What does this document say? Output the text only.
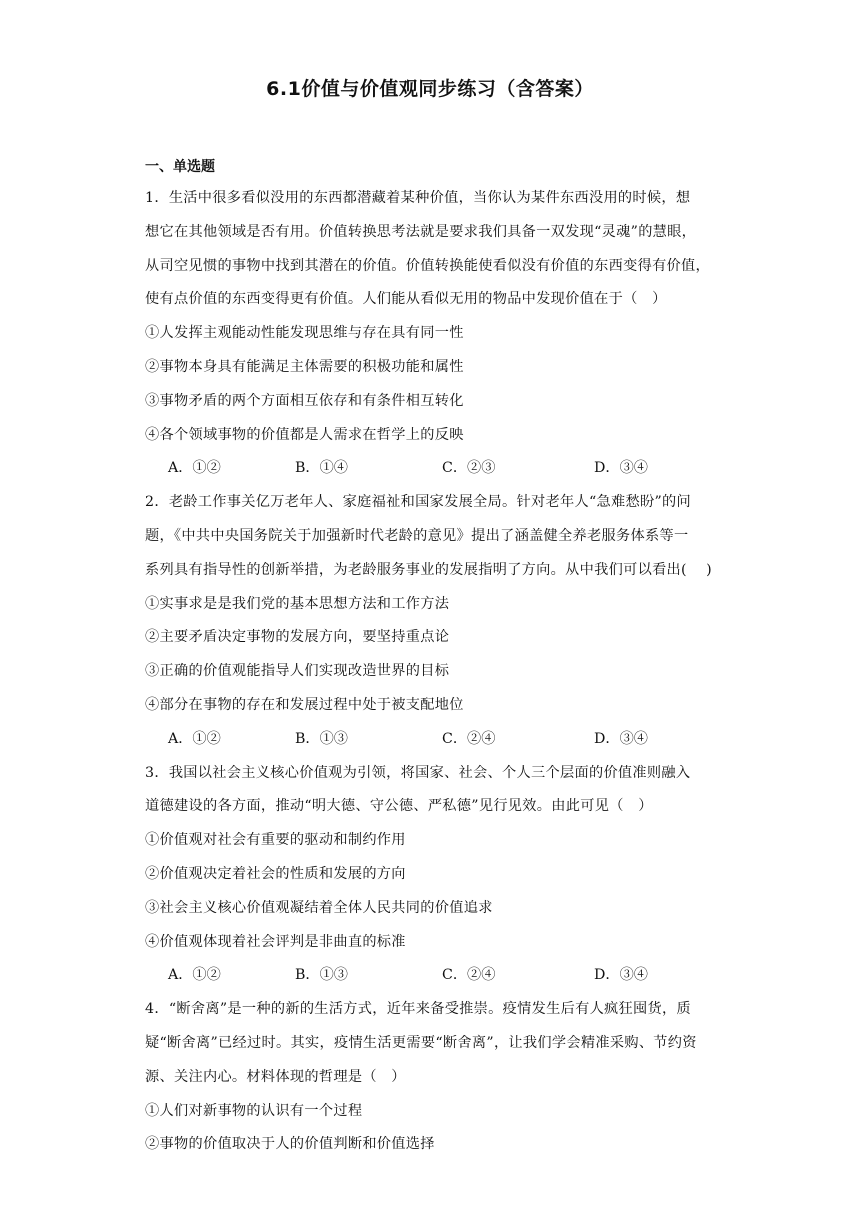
6.1价值与价值观同步练习（含答案）
一、单选题
1．生活中很多看似没用的东西都潜藏着某种价值，当你认为某件东西没用的时候，想
想它在其他领域是否有用。价值转换思考法就是要求我们具备一双发现“灵魂”的慧眼，
从司空见惯的事物中找到其潜在的价值。价值转换能使看似没有价值的东西变得有价值，
使有点价值的东西变得更有价值。人们能从看似无用的物品中发现价值在于（　）
①人发挥主观能动性能发现思维与存在具有同一性
②事物本身具有能满足主体需要的积极功能和属性
③事物矛盾的两个方面相互依存和有条件相互转化
④各个领域事物的价值都是人需求在哲学上的反映
A．①②	B．①④	C．②③	D．③④
2．老龄工作事关亿万老年人、家庭福祉和国家发展全局。针对老年人“急难愁盼”的问
题，《中共中央国务院关于加强新时代老龄的意见》提出了涵盖健全养老服务体系等一
系列具有指导性的创新举措，为老龄服务事业的发展指明了方向。从中我们可以看出(　 )
①实事求是是我们党的基本思想方法和工作方法
②主要矛盾决定事物的发展方向，要坚持重点论
③正确的价值观能指导人们实现改造世界的目标
④部分在事物的存在和发展过程中处于被支配地位
A．①②	B．①③	C．②④	D．③④
3．我国以社会主义核心价值观为引领，将国家、社会、个人三个层面的价值准则融入
道德建设的各方面，推动“明大德、守公德、严私德”见行见效。由此可见（　）
①价值观对社会有重要的驱动和制约作用
②价值观决定着社会的性质和发展的方向
③社会主义核心价值观凝结着全体人民共同的价值追求
④价值观体现着社会评判是非曲直的标准
A．①②	B．①③	C．②④	D．③④
4．“断舍离”是一种的新的生活方式，近年来备受推崇。疫情发生后有人疯狂囤货，质
疑“断舍离”已经过时。其实，疫情生活更需要“断舍离”，让我们学会精准采购、节约资
源、关注内心。材料体现的哲理是（　）
①人们对新事物的认识有一个过程
②事物的价值取决于人的价值判断和价值选择
